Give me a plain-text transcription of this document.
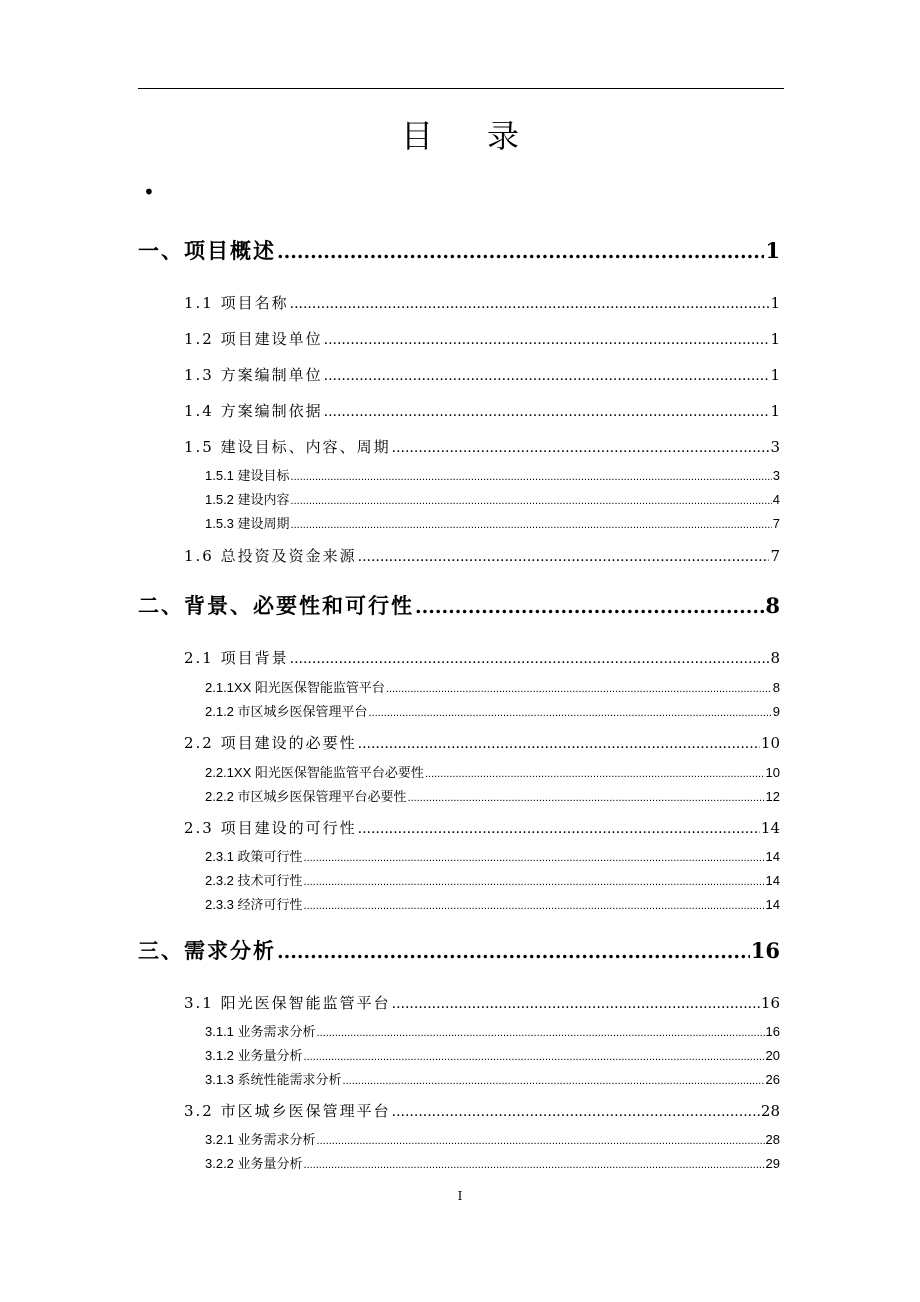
目录
•
一、项目概述 .....	1
1.1 项目名称 .....	1
1.2 项目建设单位 .....	1
1.3 方案编制单位 .....	1
1.4 方案编制依据 .....	1
1.5 建设目标、内容、周期 .....	3
1.5.1 建设目标 .....	3
1.5.2 建设内容 .....	4
1.5.3 建设周期 .....	7
1.6 总投资及资金来源 .....	7
二、背景、必要性和可行性 .....	8
2.1 项目背景 .....	8
2.1.1XX 阳光医保智能监管平台 .....	8
2.1.2 市区城乡医保管理平台 .....	9
2.2 项目建设的必要性 .....	10
2.2.1XX 阳光医保智能监管平台必要性 .....	10
2.2.2 市区城乡医保管理平台必要性 .....	12
2.3 项目建设的可行性 .....	14
2.3.1 政策可行性 .....	14
2.3.2 技术可行性 .....	14
2.3.3 经济可行性 .....	14
三、需求分析 .....	16
3.1 阳光医保智能监管平台 .....	16
3.1.1 业务需求分析 .....	16
3.1.2 业务量分析 .....	20
3.1.3 系统性能需求分析 .....	26
3.2 市区城乡医保管理平台 .....	28
3.2.1 业务需求分析 .....	28
3.2.2 业务量分析 .....	29
I
